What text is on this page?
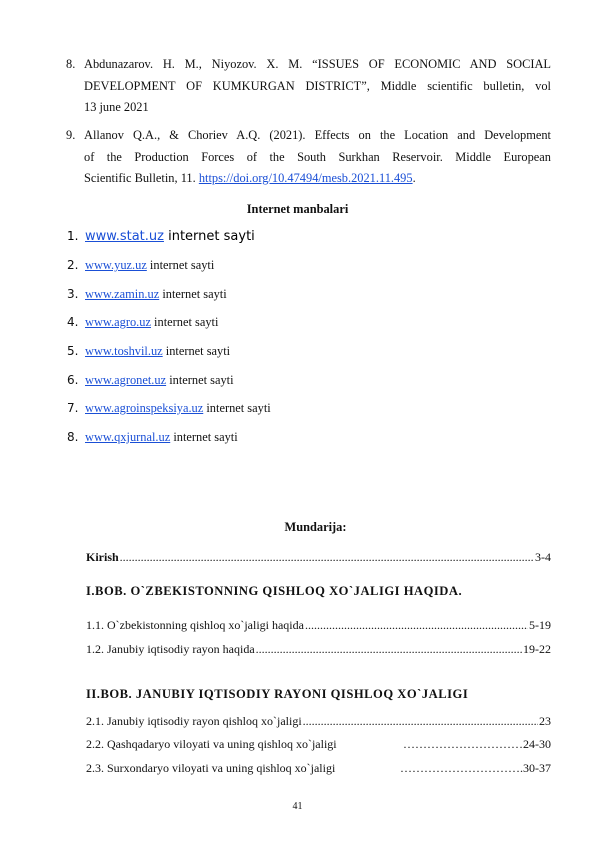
8. Abdunazarov. H. M., Niyozov. X. M. “ISSUES OF ECONOMIC AND SOCIAL
DEVELOPMENT OF KUMKURGAN DISTRICT”, Middle scientific bulletin, vol
13 june 2021
9. Allanov Q.A., & Choriev A.Q. (2021). Effects on the Location and Development
of the Production Forces of the South Surkhan Reservoir. Middle European
Scientific Bulletin, 11. https://doi.org/10.47494/mesb.2021.11.495.
Internet manbalari
1. www.stat.uz internet sayti
2. www.yuz.uz internet sayti
3. www.zamin.uz internet sayti
4. www.agro.uz internet sayti
5. www.toshvil.uz internet sayti
6. www.agronet.uz internet sayti
7. www.agroinspeksiya.uz internet sayti
8. www.qxjurnal.uz internet sayti
Mundarija:
Kirish .....	3-4
I.BOB. O`ZBEKISTONNING QISHLOQ XO`JALIGI HAQIDA.
1.1. O`zbekistonning qishloq xo`jaligi haqida .....	5-19
1.2. Janubiy iqtisodiy rayon haqida .....	19-22
II.BOB. JANUBIY IQTISODIY RAYONI QISHLOQ XO`JALIGI
2.1. Janubiy iqtisodiy rayon qishloq xo`jaligi .....	23
2.2. Qashqadaryo viloyati va uning qishloq xo`jaligi	………………………… 24-30
2.3. Surxondaryo viloyati va uning qishloq xo`jaligi	…………………………. 30-37
41
